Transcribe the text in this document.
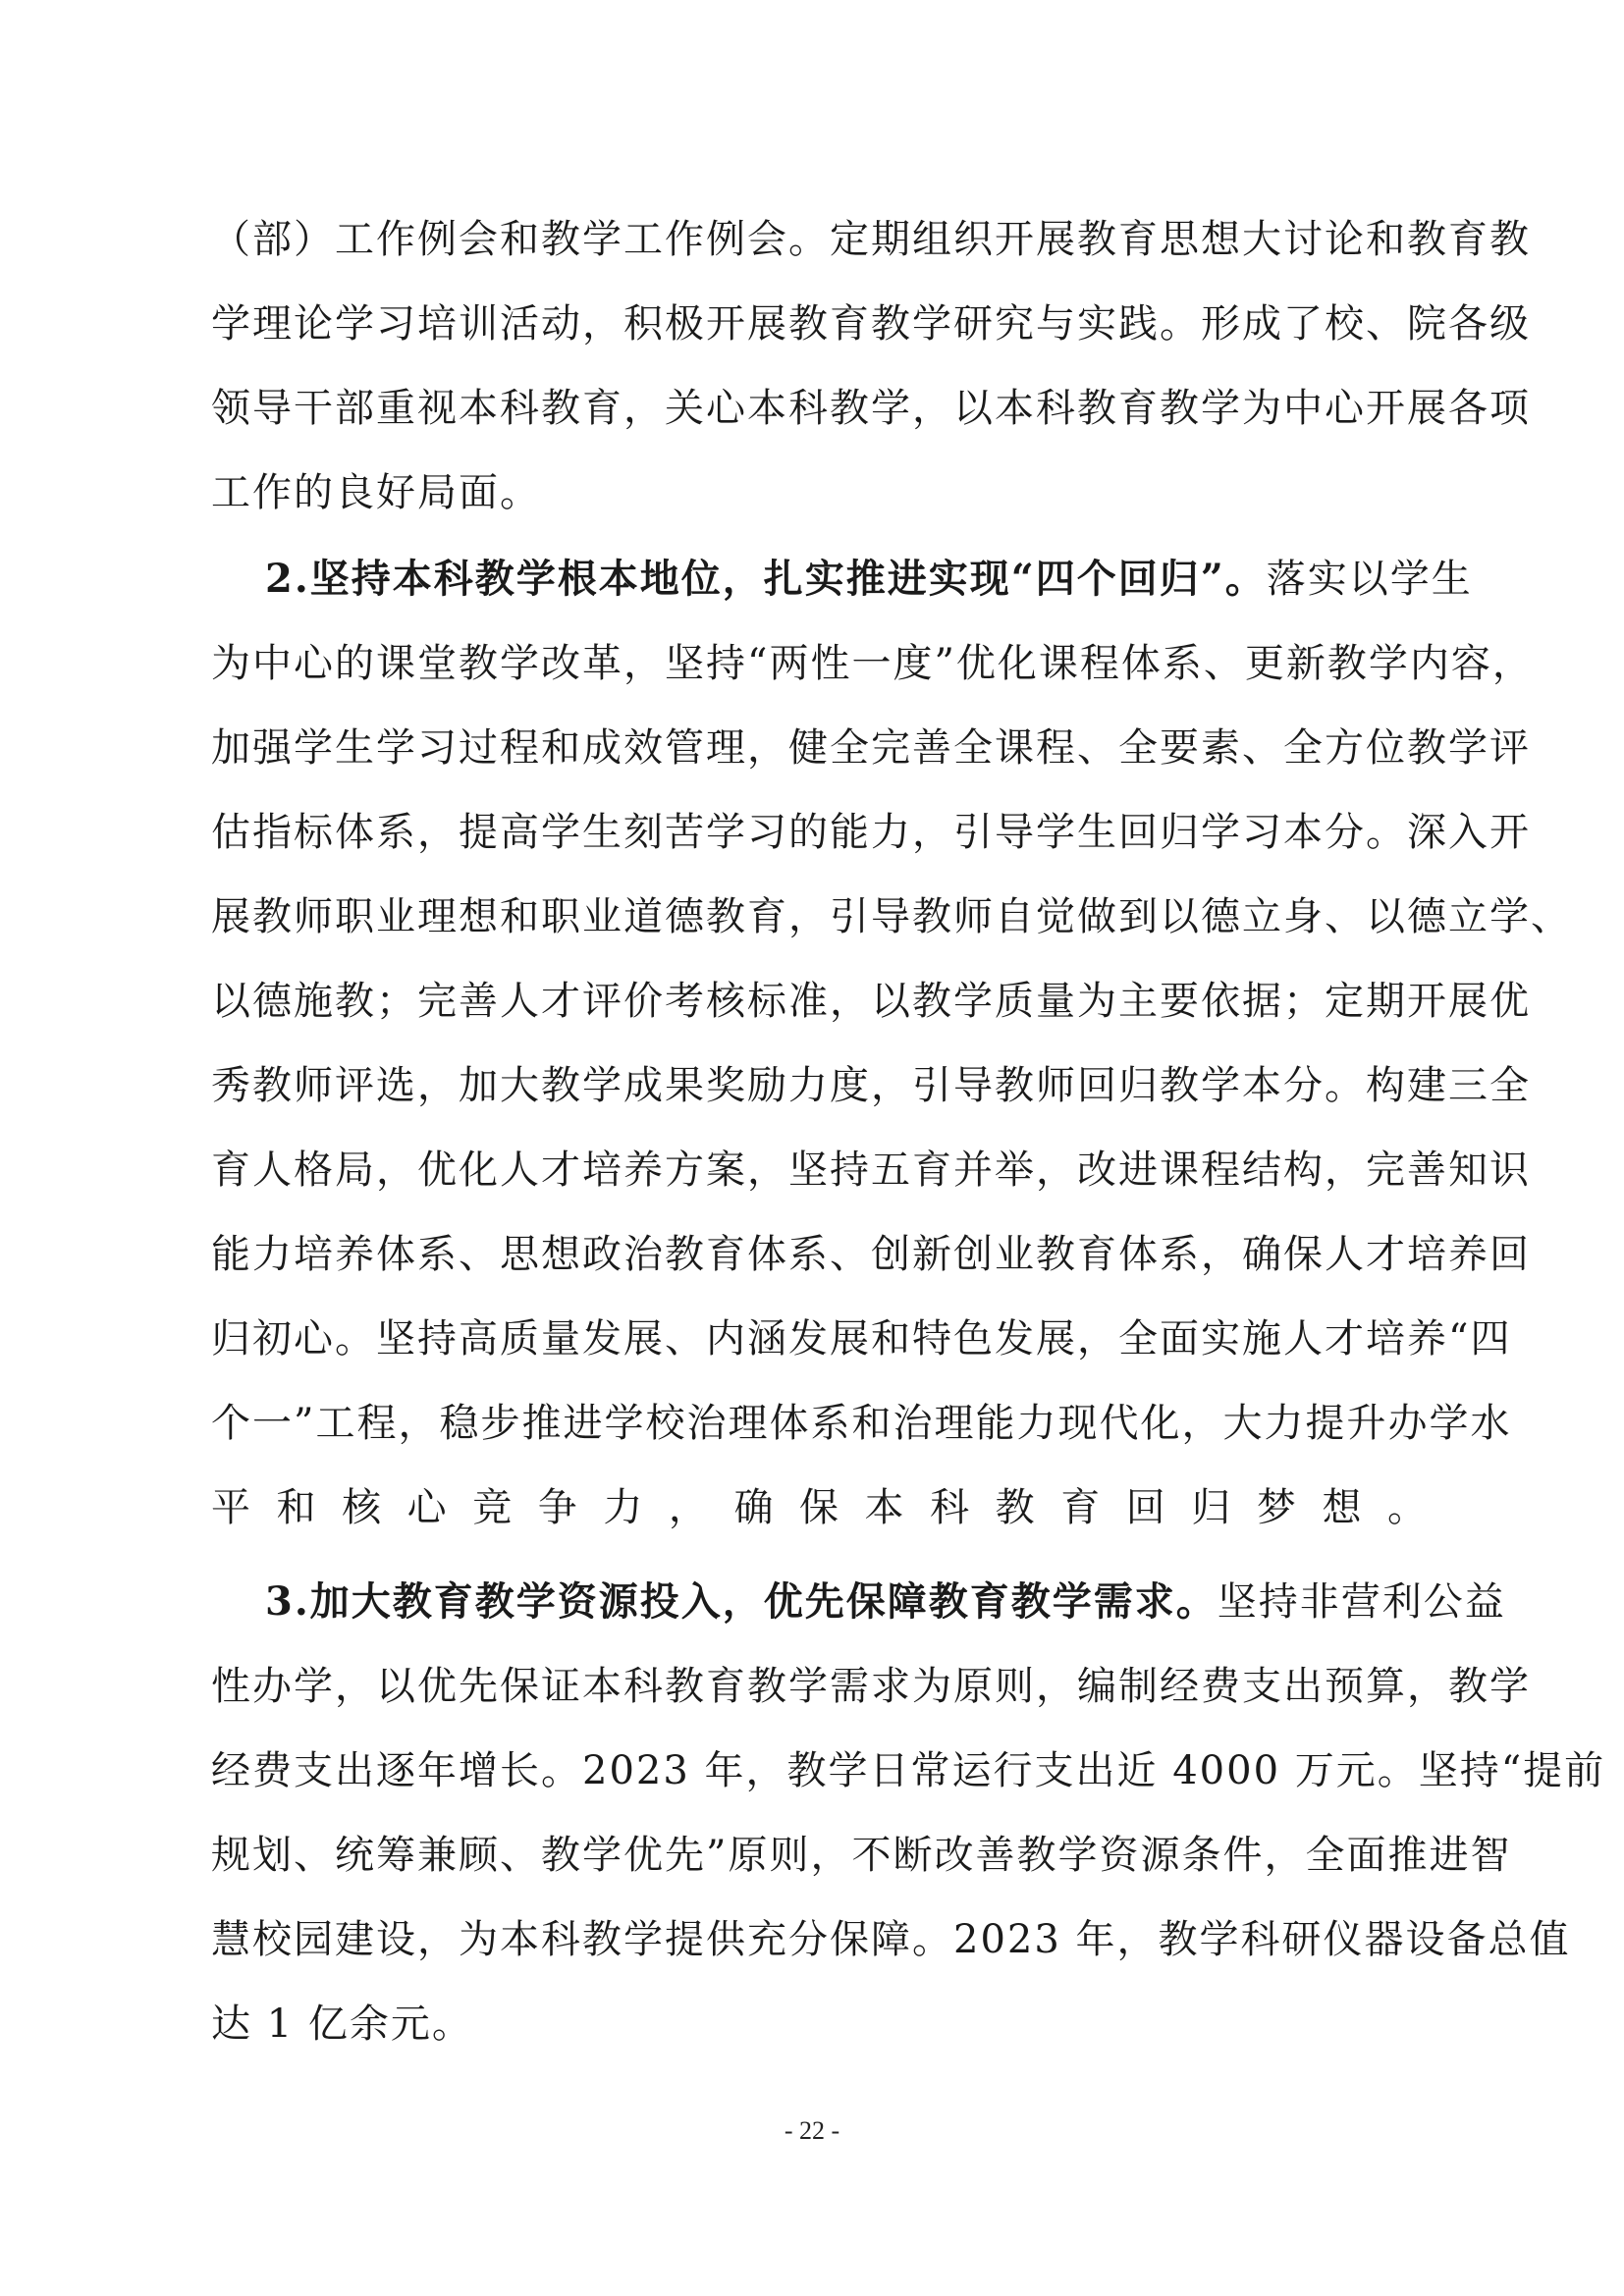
（部）工作例会和教学工作例会。定期组织开展教育思想大讨论和教育教
学理论学习培训活动，积极开展教育教学研究与实践。形成了校、院各级
领导干部重视本科教育，关心本科教学，以本科教育教学为中心开展各项
工作的良好局面。
2.坚持本科教学根本地位，扎实推进实现“四个回归”。落实以学生
为中心的课堂教学改革，坚持“两性一度”优化课程体系、更新教学内容，
加强学生学习过程和成效管理，健全完善全课程、全要素、全方位教学评
估指标体系，提高学生刻苦学习的能力，引导学生回归学习本分。深入开
展教师职业理想和职业道德教育，引导教师自觉做到以德立身、以德立学、
以德施教；完善人才评价考核标准，以教学质量为主要依据；定期开展优
秀教师评选，加大教学成果奖励力度，引导教师回归教学本分。构建三全
育人格局，优化人才培养方案，坚持五育并举，改进课程结构，完善知识
能力培养体系、思想政治教育体系、创新创业教育体系，确保人才培养回
归初心。坚持高质量发展、内涵发展和特色发展，全面实施人才培养“四
个一”工程，稳步推进学校治理体系和治理能力现代化，大力提升办学水
平和核心竞争力，确保本科教育回归梦想。
3.加大教育教学资源投入，优先保障教育教学需求。坚持非营利公益
性办学，以优先保证本科教育教学需求为原则，编制经费支出预算，教学
经费支出逐年增长。2023 年，教学日常运行支出近 4000 万元。坚持“提前
规划、统筹兼顾、教学优先”原则，不断改善教学资源条件，全面推进智
慧校园建设，为本科教学提供充分保障。2023 年，教学科研仪器设备总值
达 1 亿余元。
- 22 -
